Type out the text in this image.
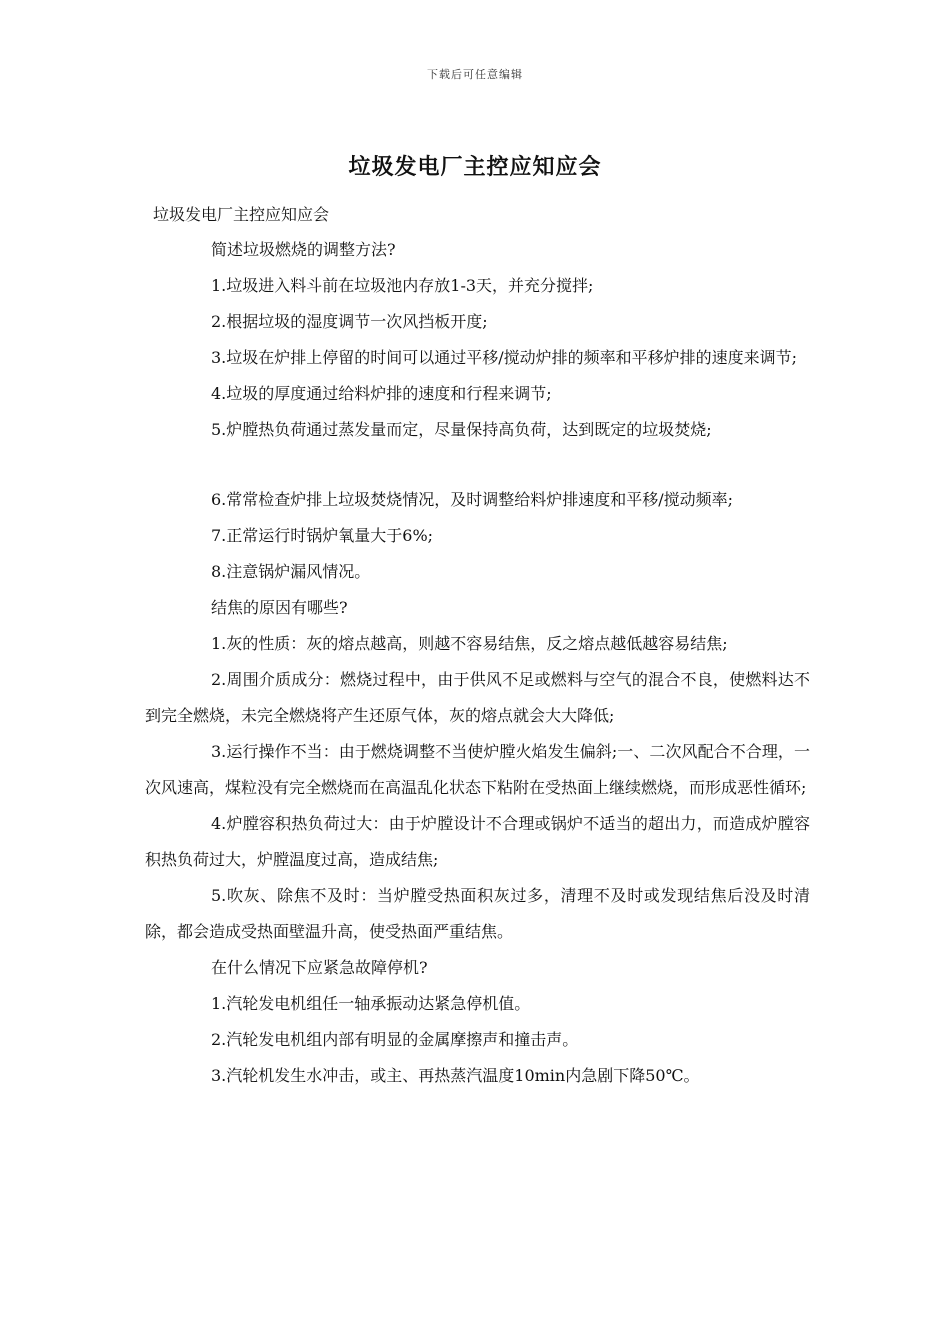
下载后可任意编辑
垃圾发电厂主控应知应会
垃圾发电厂主控应知应会

简述垃圾燃烧的调整方法?

1.垃圾进入料斗前在垃圾池内存放1-3天，并充分搅拌;

2.根据垃圾的湿度调节一次风挡板开度;

3.垃圾在炉排上停留的时间可以通过平移/搅动炉排的频率和平移炉排的速度来调节;

4.垃圾的厚度通过给料炉排的速度和行程来调节;

5.炉膛热负荷通过蒸发量而定，尽量保持高负荷，达到既定的垃圾焚烧;

6.常常检查炉排上垃圾焚烧情况，及时调整给料炉排速度和平移/搅动频率;

7.正常运行时锅炉氧量大于6%;

8.注意锅炉漏风情况。

结焦的原因有哪些?

1.灰的性质：灰的熔点越高，则越不容易结焦，反之熔点越低越容易结焦;

2.周围介质成分：燃烧过程中，由于供风不足或燃料与空气的混合不良，使燃料达不到完全燃烧，未完全燃烧将产生还原气体，灰的熔点就会大大降低;

3.运行操作不当：由于燃烧调整不当使炉膛火焰发生偏斜;一、二次风配合不合理，一次风速高，煤粒没有完全燃烧而在高温乱化状态下粘附在受热面上继续燃烧，而形成恶性循环;

4.炉膛容积热负荷过大：由于炉膛设计不合理或锅炉不适当的超出力，而造成炉膛容积热负荷过大，炉膛温度过高，造成结焦;

5.吹灰、除焦不及时：当炉膛受热面积灰过多，清理不及时或发现结焦后没及时清除，都会造成受热面壁温升高，使受热面严重结焦。

在什么情况下应紧急故障停机?

1.汽轮发电机组任一轴承振动达紧急停机值。

2.汽轮发电机组内部有明显的金属摩擦声和撞击声。

3.汽轮机发生水冲击，或主、再热蒸汽温度10min内急剧下降50℃。
